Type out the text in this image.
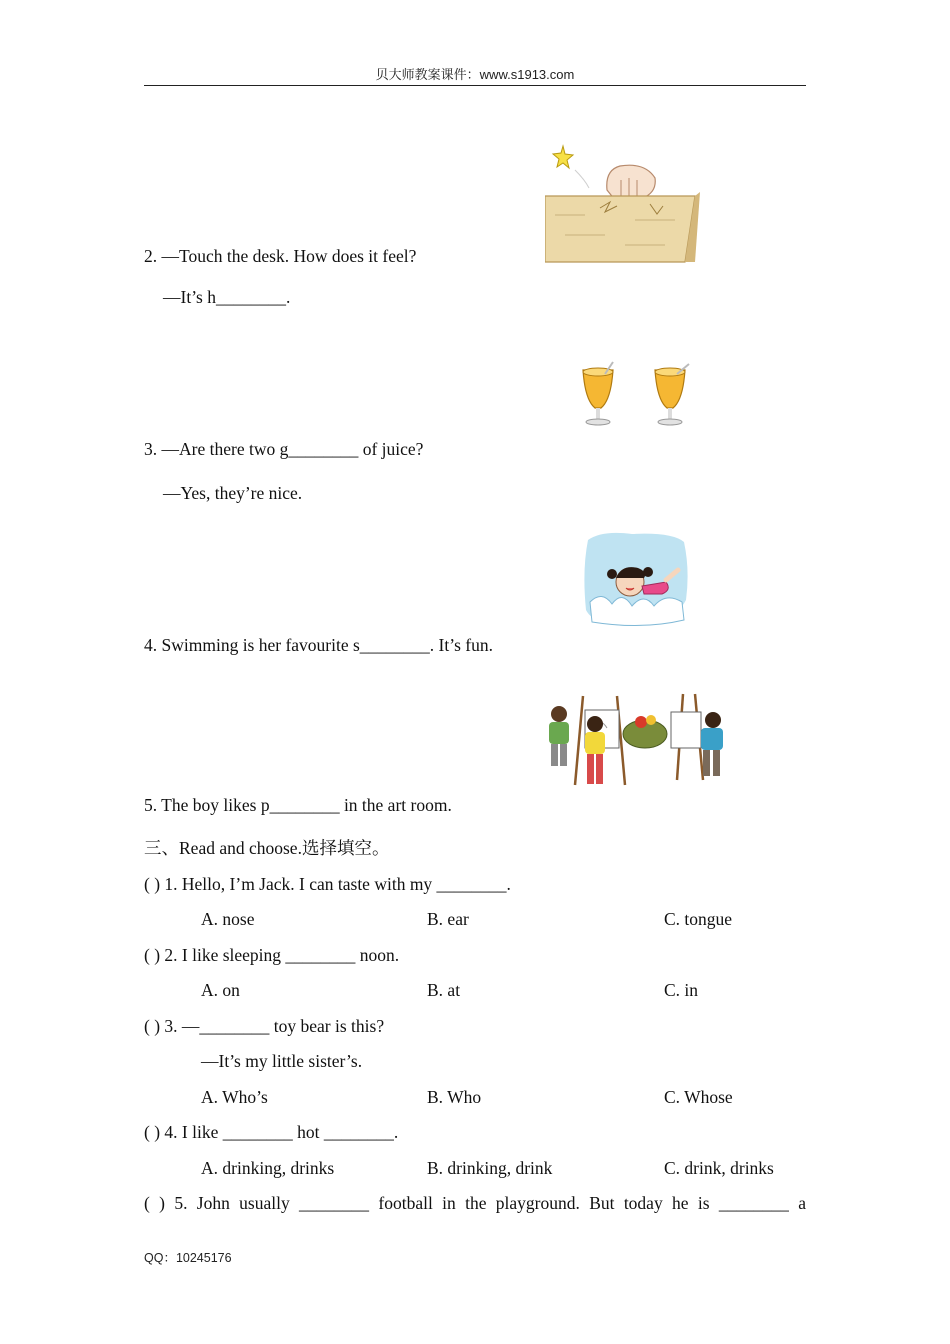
贝大师教案课件：www.s1913.com
2. —Touch the desk. How does it feel?
—It’s h________.
3. —Are there two g________ of juice?
—Yes, they’re nice.
4. Swimming is her favourite s________. It’s fun.
5. The boy likes p________ in the art room.
三、Read and choose.选择填空。
( ) 1. Hello, I’m Jack. I can taste with my ________.
A. nose	B. ear	C. tongue
( ) 2. I like sleeping ________ noon.
A. on	B. at	C. in
( ) 3. —________ toy bear is this?
—It’s my little sister’s.
A. Who’s	B. Who	C. Whose
( ) 4. I like ________ hot ________.
A. drinking, drinks	B. drinking, drink	C. drink, drinks
( ) 5. John usually ________ football in the playground. But today he is ________ a
QQ：10245176
